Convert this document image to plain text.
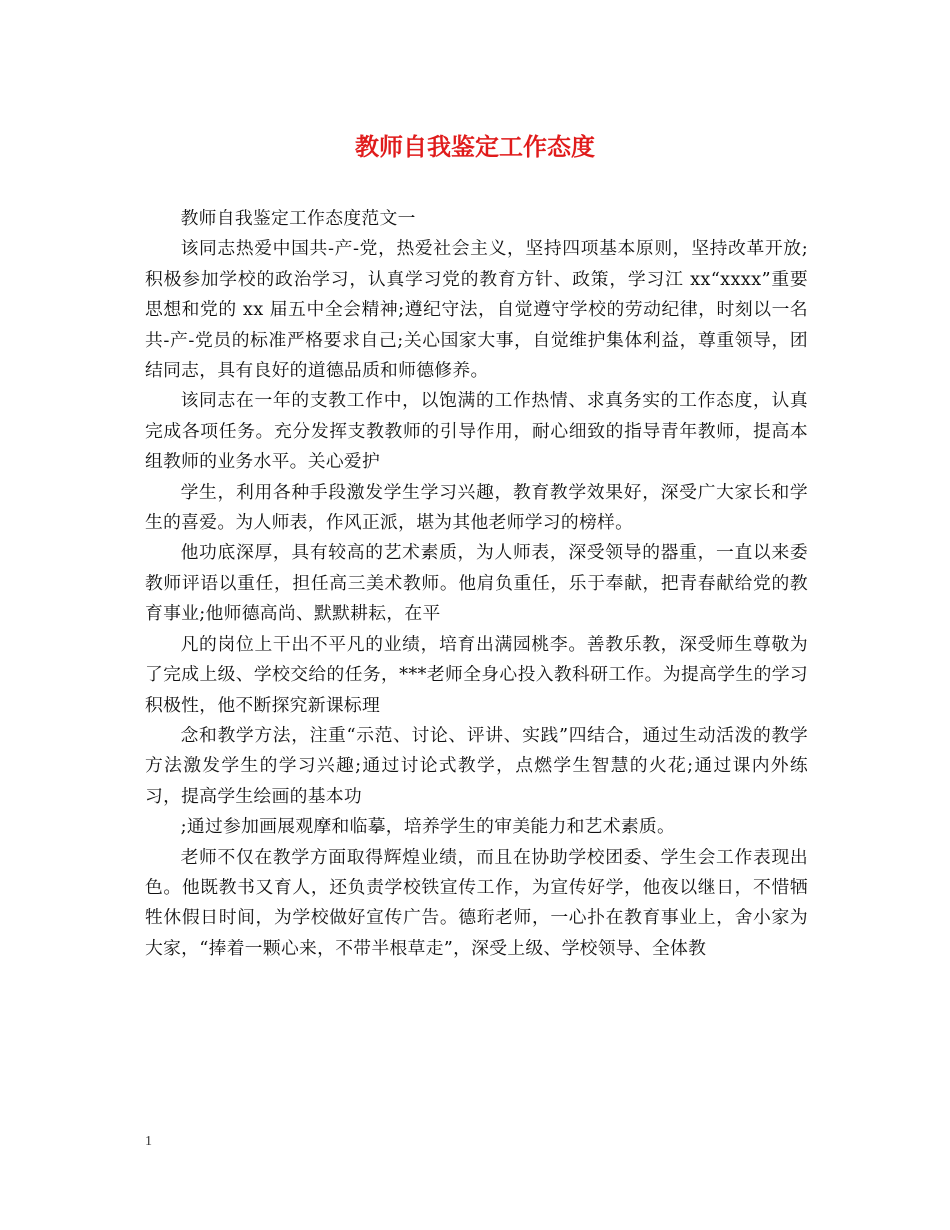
教师自我鉴定工作态度

教师自我鉴定工作态度范文一

该同志热爱中国共-产-党，热爱社会主义，坚持四项基本原则，坚持改革开放;积极参加学校的政治学习，认真学习党的教育方针、政策，学习江 xx“xxxx”重要思想和党的 xx 届五中全会精神;遵纪守法，自觉遵守学校的劳动纪律，时刻以一名共-产-党员的标准严格要求自己;关心国家大事，自觉维护集体利益，尊重领导，团结同志，具有良好的道德品质和师德修养。

该同志在一年的支教工作中，以饱满的工作热情、求真务实的工作态度，认真完成各项任务。充分发挥支教教师的引导作用，耐心细致的指导青年教师，提高本组教师的业务水平。关心爱护

学生，利用各种手段激发学生学习兴趣，教育教学效果好，深受广大家长和学生的喜爱。为人师表，作风正派，堪为其他老师学习的榜样。

他功底深厚，具有较高的艺术素质，为人师表，深受领导的器重，一直以来委教师评语以重任，担任高三美术教师。他肩负重任，乐于奉献，把青春献给党的教育事业;他师德高尚、默默耕耘，在平

凡的岗位上干出不平凡的业绩，培育出满园桃李。善教乐教，深受师生尊敬为了完成上级、学校交给的任务，***老师全身心投入教科研工作。为提高学生的学习积极性，他不断探究新课标理

念和教学方法，注重“示范、讨论、评讲、实践”四结合，通过生动活泼的教学方法激发学生的学习兴趣;通过讨论式教学，点燃学生智慧的火花;通过课内外练习，提高学生绘画的基本功

;通过参加画展观摩和临摹，培养学生的审美能力和艺术素质。

老师不仅在教学方面取得辉煌业绩，而且在协助学校团委、学生会工作表现出色。他既教书又育人，还负责学校铁宣传工作，为宣传好学，他夜以继日，不惜牺牲休假日时间，为学校做好宣传广告。德珩老师，一心扑在教育事业上，舍小家为大家，“捧着一颗心来，不带半根草走”，深受上级、学校领导、全体教

1
